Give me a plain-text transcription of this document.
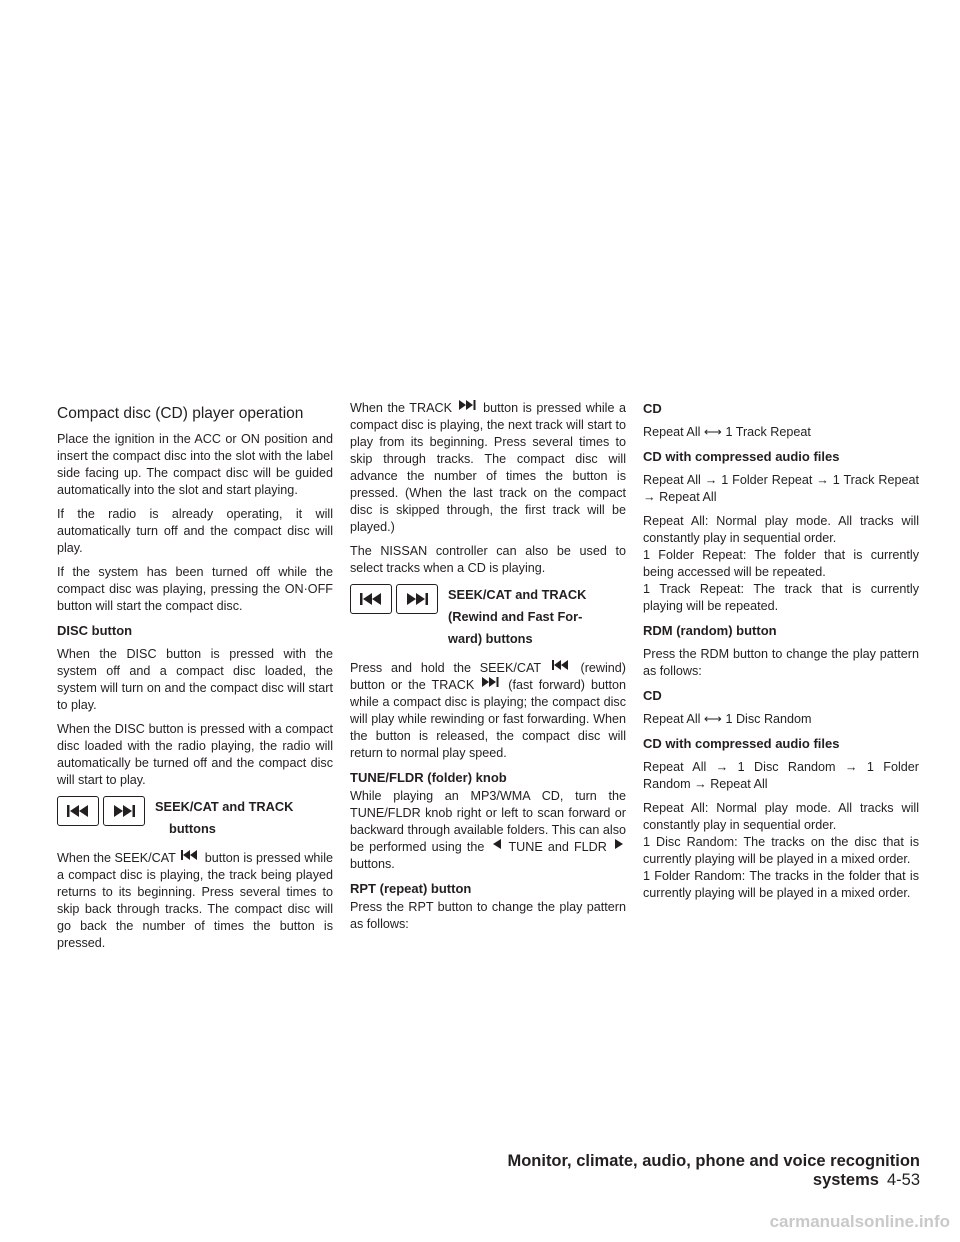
Compact disc (CD) player operation

Place the ignition in the ACC or ON position and insert the compact disc into the slot with the label side facing up. The compact disc will be guided automatically into the slot and start playing.

If the radio is already operating, it will automatically turn off and the compact disc will play.

If the system has been turned off while the compact disc was playing, pressing the ON·OFF button will start the compact disc.

DISC button

When the DISC button is pressed with the system off and a compact disc loaded, the system will turn on and the compact disc will start to play.

When the DISC button is pressed with a compact disc loaded with the radio playing, the radio will automatically be turned off and the compact disc will start to play.

SEEK/CAT and TRACK
buttons

When the SEEK/CAT button is pressed while a compact disc is playing, the track being played returns to its beginning. Press several times to skip back through tracks. The compact disc will go back the number of times the button is pressed.

When the TRACK button is pressed while a compact disc is playing, the next track will start to play from its beginning. Press several times to skip through tracks. The compact disc will advance the number of times the button is pressed. (When the last track on the compact disc is skipped through, the first track will be played.)

The NISSAN controller can also be used to select tracks when a CD is playing.

SEEK/CAT and TRACK
(Rewind and Fast For-
ward) buttons

Press and hold the SEEK/CAT	(rewind) button or the TRACK	(fast forward) button while a compact disc is playing; the compact disc will play while rewinding or fast forwarding. When the button is released, the compact disc will return to normal play speed.

TUNE/FLDR (folder) knob

While playing an MP3/WMA CD, turn the TUNE/FLDR knob right or left to scan forward or backward through available folders. This can also be performed using the TUNE and FLDR  buttons.

RPT (repeat) button

Press the RPT button to change the play pattern as follows:

CD

Repeat All ⟷ 1 Track Repeat

CD with compressed audio files

Repeat All → 1 Folder Repeat → 1 Track Repeat → Repeat All

Repeat All: Normal play mode. All tracks will constantly play in sequential order.

1 Folder Repeat: The folder that is currently being accessed will be repeated.

1 Track Repeat: The track that is currently playing will be repeated.

RDM (random) button

Press the RDM button to change the play pattern as follows:

CD

Repeat All ⟷ 1 Disc Random

CD with compressed audio files

Repeat All → 1 Disc Random → 1 Folder Random → Repeat All

Repeat All: Normal play mode. All tracks will constantly play in sequential order.

1 Disc Random: The tracks on the disc that is currently playing will be played in a mixed order.

1 Folder Random: The tracks in the folder that is currently playing will be played in a mixed order.

Monitor, climate, audio, phone and voice recognition systems 4-53
carmanualsonline.info
